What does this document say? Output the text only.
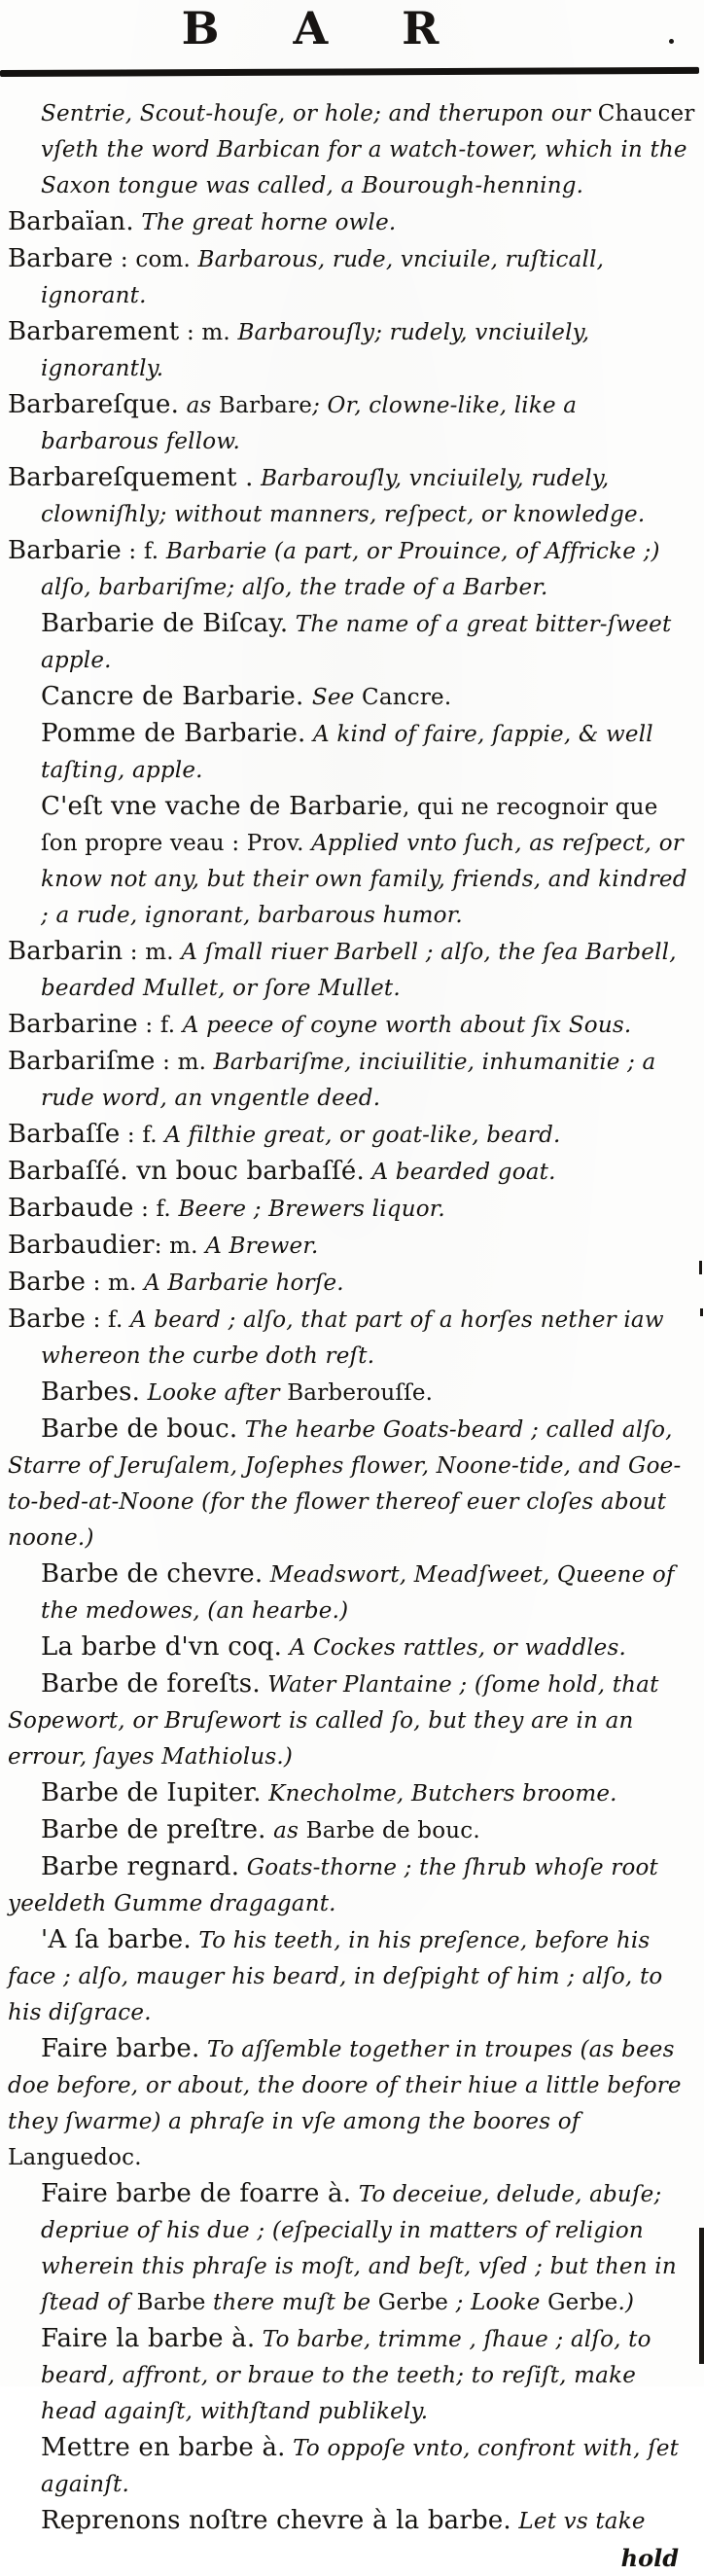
B A R

Sentrie, Scout-houſe, or hole; and therupon our Chaucer vſeth the word Barbican for a watch-tower, which in the Saxon tongue was called, a Bourough-henning.

Barbaïan. The great horne owle.

Barbare : com. Barbarous, rude, vnciuile, ruſticall, ignorant.

Barbarement : m. Barbarouſly; rudely, vnciuilely, ignorantly.

Barbareſque. as Barbare; Or, clowne-like, like a barbarous fellow.

Barbareſquement . Barbarouſly, vnciuilely, rudely, clowniſhly; without manners, reſpect, or knowledge.

Barbarie : f. Barbarie (a part, or Prouince, of Affricke ;) alſo, barbariſme; alſo, the trade of a Barber.

Barbarie de Biſcay. The name of a great bitter-ſweet apple.

Cancre de Barbarie. See Cancre.

Pomme de Barbarie. A kind of faire, ſappie, & well taſting, apple.

C'eſt vne vache de Barbarie, qui ne recognoir que ſon propre veau : Prov. Applied vnto ſuch, as reſpect, or know not any, but their own family, friends, and kindred ; a rude, ignorant, barbarous humor.

Barbarin : m. A ſmall riuer Barbell ; alſo, the ſea Barbell, bearded Mullet, or ſore Mullet.

Barbarine : f. A peece of coyne worth about ſix Sous.

Barbariſme : m. Barbariſme, inciuilitie, inhumanitie ; a rude word, an vngentle deed.

Barbaſſe : f. A filthie great, or goat-like, beard.

Barbaſſé. vn bouc barbaſſé. A bearded goat.

Barbaude : f. Beere ; Brewers liquor.

Barbaudier: m. A Brewer.

Barbe : m. A Barbarie horſe.

Barbe : f. A beard ; alſo, that part of a horſes nether iaw whereon the curbe doth reſt.

Barbes. Looke after Barberouſſe.

Barbe de bouc. The hearbe Goats-beard ; called alſo, Starre of Jeruſalem, Joſephes flower, Noone-tide, and Goe-to-bed-at-Noone (for the flower thereof euer cloſes about noone.)

Barbe de chevre. Meadswort, Meadſweet, Queene of the medowes, (an hearbe.)

La barbe d'vn coq. A Cockes rattles, or waddles.

Barbe de foreſts. Water Plantaine ; (ſome hold, that Sopewort, or Bruſewort is called ſo, but they are in an errour, ſayes Mathiolus.)

Barbe de Iupiter. Knecholme, Butchers broome.

Barbe de preſtre. as Barbe de bouc.

Barbe regnard. Goats-thorne ; the ſhrub whoſe root yeeldeth Gumme dragagant.

'A ſa barbe. To his teeth, in his preſence, before his face ; alſo, mauger his beard, in deſpight of him ; alſo, to his diſgrace.

Faire barbe. To aſſemble together in troupes (as bees doe before, or about, the doore of their hiue a little before they ſwarme) a phraſe in vſe among the boores of Languedoc.

Faire barbe de foarre à. To deceiue, delude, abuſe; depriue of his due ; (eſpecially in matters of religion wherein this phraſe is moſt, and beſt, vſed ; but then in ſtead of Barbe there muſt be Gerbe ; Looke Gerbe.)

Faire la barbe à. To barbe, trimme , ſhaue ; alſo, to beard, affront, or braue to the teeth; to reſiſt, make head againſt, withſtand publikely.

Mettre en barbe à. To oppoſe vnto, confront with, ſet againſt.

Reprenons noſtre chevre à la barbe. Let vs take

hold
